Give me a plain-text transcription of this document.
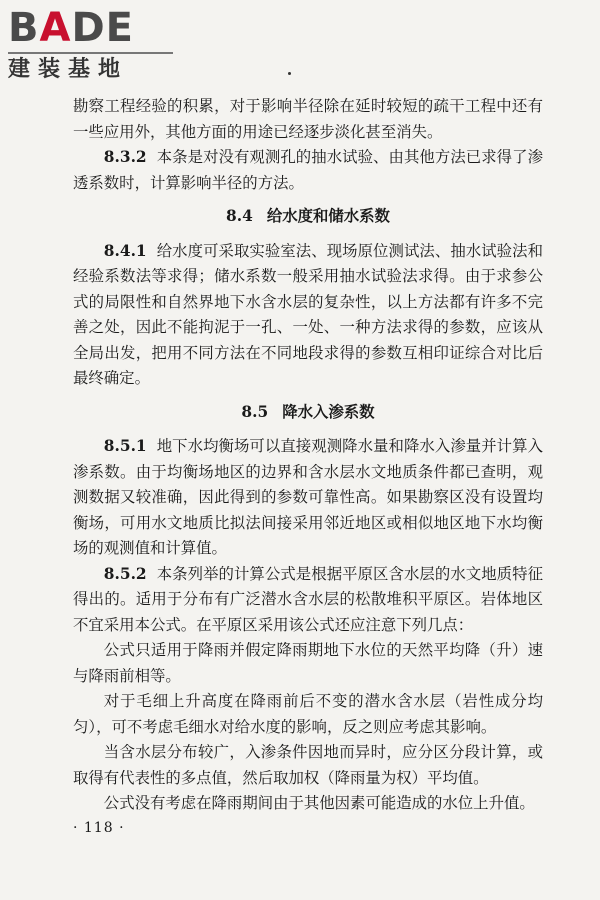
BADE
建装基地

勘察工程经验的积累，对于影响半径除在延时较短的疏干工程中还有一些应用外，其他方面的用途已经逐步淡化甚至消失。

8.3.2 本条是对没有观测孔的抽水试验、由其他方法已求得了渗透系数时，计算影响半径的方法。

8.4 给水度和储水系数

8.4.1 给水度可采取实验室法、现场原位测试法、抽水试验法和经验系数法等求得；储水系数一般采用抽水试验法求得。由于求参公式的局限性和自然界地下水含水层的复杂性，以上方法都有许多不完善之处，因此不能拘泥于一孔、一处、一种方法求得的参数，应该从全局出发，把用不同方法在不同地段求得的参数互相印证综合对比后最终确定。

8.5 降水入渗系数

8.5.1 地下水均衡场可以直接观测降水量和降水入渗量并计算入渗系数。由于均衡场地区的边界和含水层水文地质条件都已查明，观测数据又较准确，因此得到的参数可靠性高。如果勘察区没有设置均衡场，可用水文地质比拟法间接采用邻近地区或相似地区地下水均衡场的观测值和计算值。

8.5.2 本条列举的计算公式是根据平原区含水层的水文地质特征得出的。适用于分布有广泛潜水含水层的松散堆积平原区。岩体地区不宜采用本公式。在平原区采用该公式还应注意下列几点：

公式只适用于降雨并假定降雨期地下水位的天然平均降（升）速与降雨前相等。

对于毛细上升高度在降雨前后不变的潜水含水层（岩性成分均匀），可不考虑毛细水对给水度的影响，反之则应考虑其影响。

当含水层分布较广，入渗条件因地而异时，应分区分段计算，或取得有代表性的多点值，然后取加权（降雨量为权）平均值。

公式没有考虑在降雨期间由于其他因素可能造成的水位上升值。

· 118 ·
